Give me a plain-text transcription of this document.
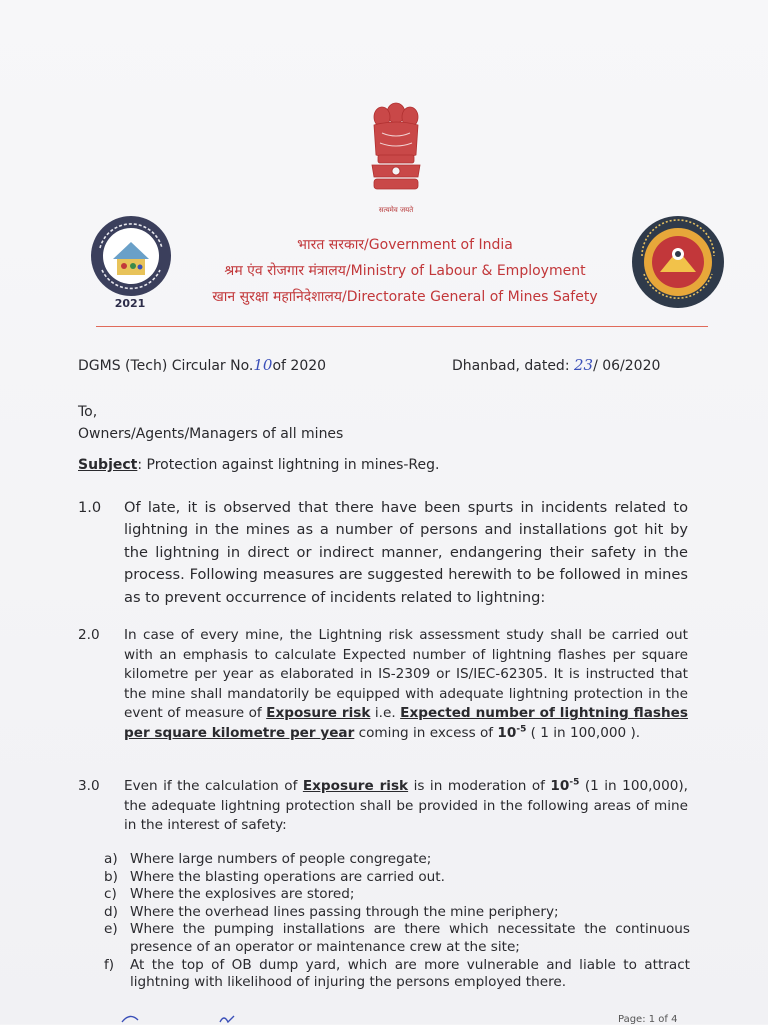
सत्यमेव जयते
2021
भारत सरकार/Government of India
श्रम एंव रोजगार मंत्रालय/Ministry of Labour & Employment
खान सुरक्षा महानिदेशालय/Directorate General of Mines Safety
DGMS (Tech) Circular No.10of 2020	Dhanbad, dated: 23/ 06/2020
To,
Owners/Agents/Managers of all mines
Subject: Protection against lightning in mines-Reg.
1.0	Of late, it is observed that there have been spurts in incidents related to lightning in the mines as a number of persons and installations got hit by the lightning in direct or indirect manner, endangering their safety in the process. Following measures are suggested herewith to be followed in mines as to prevent occurrence of incidents related to lightning:
2.0	In case of every mine, the Lightning risk assessment study shall be carried out with an emphasis to calculate Expected number of lightning flashes per square kilometre per year as elaborated in IS-2309 or IS/IEC-62305. It is instructed that the mine shall mandatorily be equipped with adequate lightning protection in the event of measure of Exposure risk i.e. Expected number of lightning flashes per square kilometre per year coming in excess of $10^{-5}$ ( 1 in 100,000 ).
3.0	Even if the calculation of Exposure risk is in moderation of $10^{-5}$ (1 in 100,000), the adequate lightning protection shall be provided in the following areas of mine in the interest of safety:
a) Where large numbers of people congregate;
b) Where the blasting operations are carried out.
c) Where the explosives are stored;
d) Where the overhead lines passing through the mine periphery;
e) Where the pumping installations are there which necessitate the continuous presence of an operator or maintenance crew at the site;
f) At the top of OB dump yard, which are more vulnerable and liable to attract lightning with likelihood of injuring the persons employed there.
Page: 1 of 4
